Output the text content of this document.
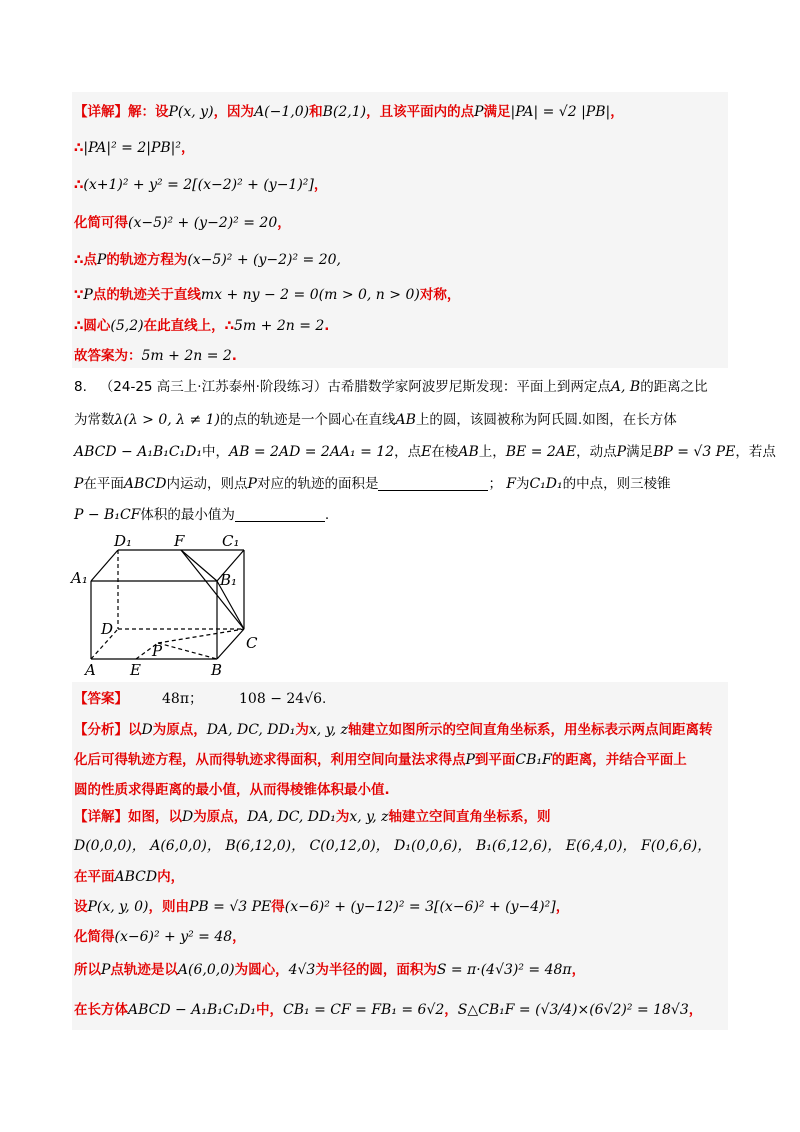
【详解】解：设P(x, y)，因为A(−1,0)和B(2,1)，且该平面内的点P满足|PA| = √2 |PB|，
∴|PA|² = 2|PB|²，
∴(x+1)² + y² = 2[(x−2)² + (y−1)²]，
化简可得(x−5)² + (y−2)² = 20，
∴点P的轨迹方程为(x−5)² + (y−2)² = 20,
∵P点的轨迹关于直线mx + ny − 2 = 0(m > 0, n > 0)对称，
∴圆心(5,2)在此直线上，∴5m + 2n = 2.
故答案为：5m + 2n = 2.
8. （24-25 高三上·江苏泰州·阶段练习）古希腊数学家阿波罗尼斯发现：平面上到两定点A, B的距离之比
为常数λ(λ > 0, λ ≠ 1)的点的轨迹是一个圆心在直线AB上的圆，该圆被称为阿氏圆.如图，在长方体
ABCD − A₁B₁C₁D₁中，AB = 2AD = 2AA₁ = 12，点E在棱AB上，BE = 2AE，动点P满足BP = √3 PE，若点
P在平面ABCD内运动，则点P对应的轨迹的面积是	； F为C₁D₁的中点，则三棱锥
P − B₁CF体积的最小值为	.
D₁	F	C₁
A₁	B₁
D
C
P
A E	B
【答案】 48π；	108 − 24√6.
【分析】以D为原点，DA, DC, DD₁为x, y, z轴建立如图所示的空间直角坐标系，用坐标表示两点间距离转
化后可得轨迹方程，从而得轨迹求得面积，利用空间向量法求得点P到平面CB₁F的距离，并结合平面上
圆的性质求得距离的最小值，从而得棱锥体积最小值.
【详解】如图，以D为原点，DA, DC, DD₁为x, y, z轴建立空间直角坐标系，则
D(0,0,0)， A(6,0,0)， B(6,12,0)， C(0,12,0)， D₁(0,0,6)， B₁(6,12,6)， E(6,4,0)， F(0,6,6)，
在平面ABCD内，
设P(x, y, 0)，则由PB = √3 PE得(x−6)² + (y−12)² = 3[(x−6)² + (y−4)²]，
化简得(x−6)² + y² = 48，
所以P点轨迹是以A(6,0,0)为圆心，4√3为半径的圆，面积为S = π·(4√3)² = 48π，
在长方体ABCD − A₁B₁C₁D₁中，CB₁ = CF = FB₁ = 6√2，S△CB₁F = (√3/4)×(6√2)² = 18√3，
